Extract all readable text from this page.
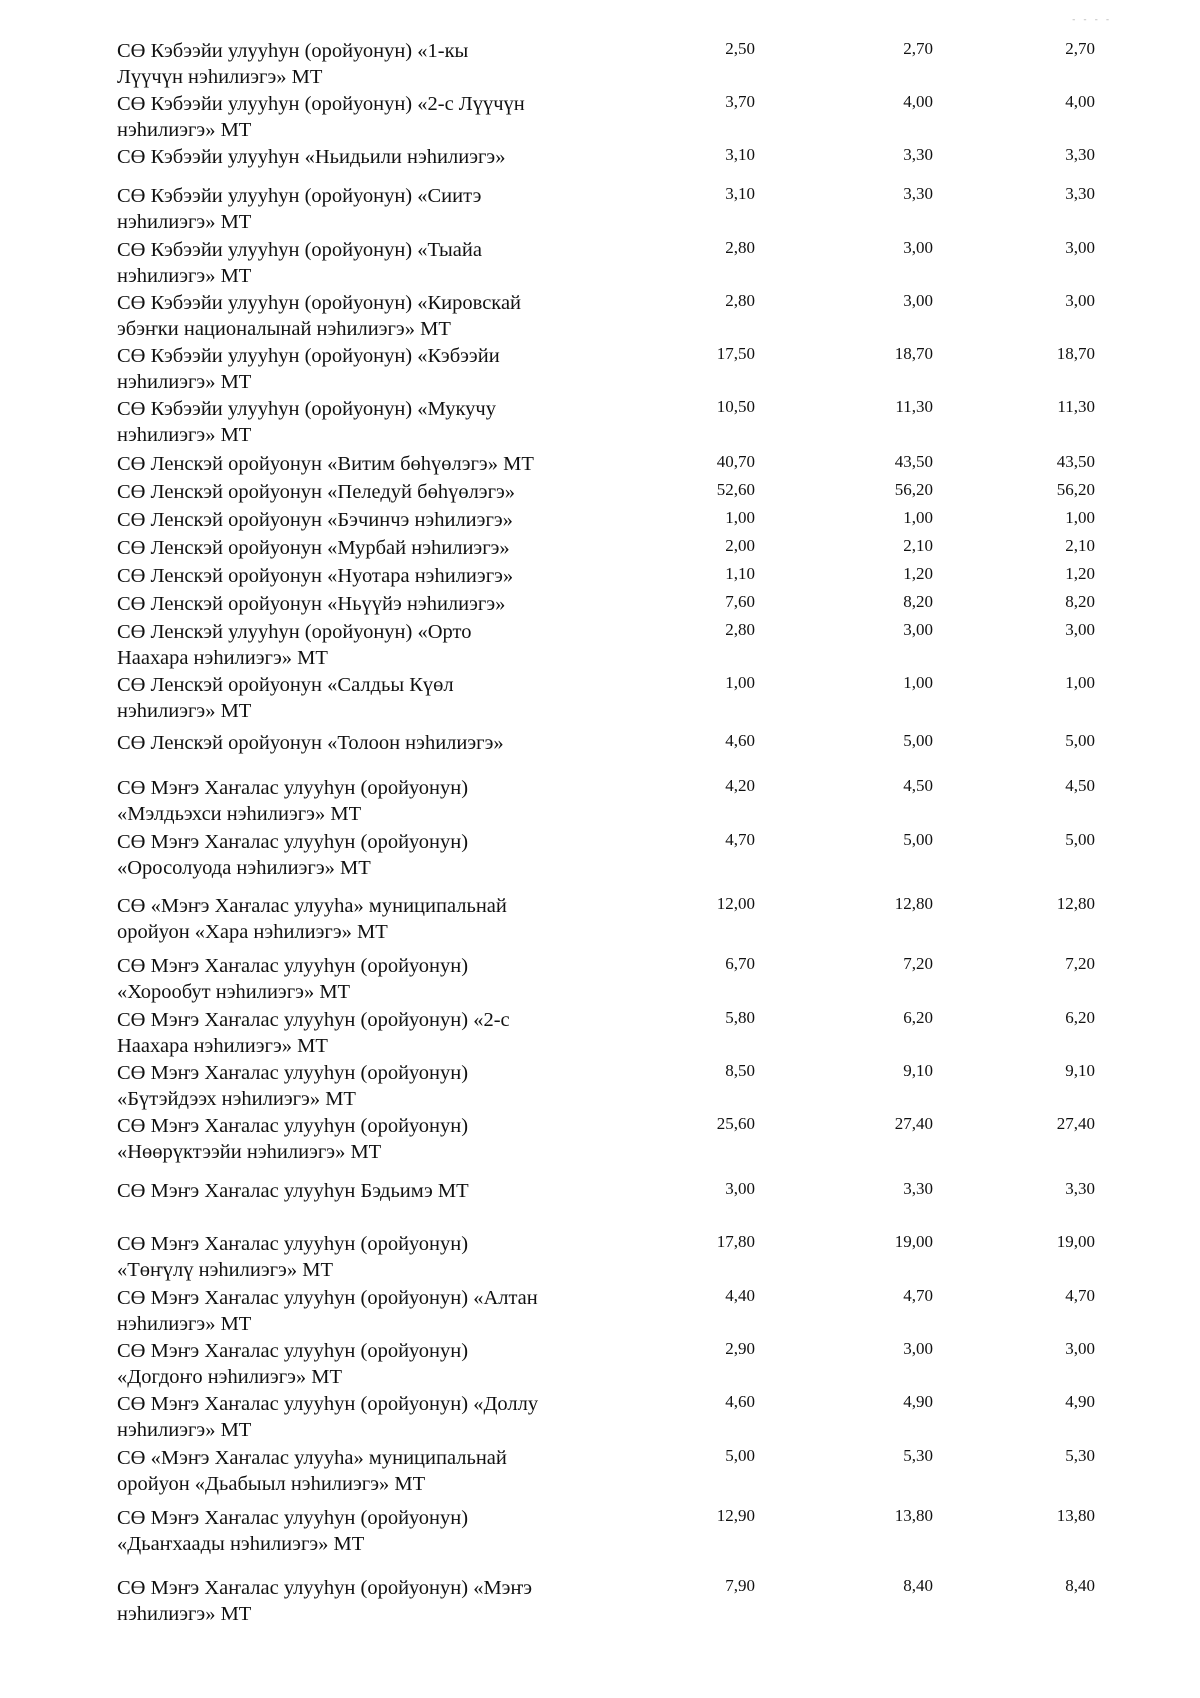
- - - -
СӨ Кэбээйи улууһун (оройуонун) «1-кы
Лүүчүн нэһилиэгэ» МТ
2,50	2,70	2,70
СӨ Кэбээйи улууһун (оройуонун) «2-с Лүүчүн
нэһилиэгэ» МТ
3,70	4,00	4,00
СӨ Кэбээйи улууһун «Ньидьили нэһилиэгэ»	3,10	3,30	3,30
СӨ Кэбээйи улууһун (оройуонун) «Сиитэ
нэһилиэгэ» МТ
3,10	3,30	3,30
СӨ Кэбээйи улууһун (оройуонун) «Тыайа
нэһилиэгэ» МТ
2,80	3,00	3,00
СӨ Кэбээйи улууһун (оройуонун) «Кировскай
эбэҥки националынай нэһилиэгэ» МТ
2,80	3,00	3,00
СӨ Кэбээйи улууһун (оройуонун) «Кэбээйи
нэһилиэгэ» МТ
17,50	18,70	18,70
СӨ Кэбээйи улууһун (оройуонун) «Мукучу
нэһилиэгэ» МТ
10,50	11,30	11,30
СӨ Ленскэй оройуонун «Витим бөһүөлэгэ» МТ	40,70	43,50	43,50
СӨ Ленскэй оройуонун «Пеледуй бөһүөлэгэ»	52,60	56,20	56,20
СӨ Ленскэй оройуонун «Бэчинчэ нэһилиэгэ»	1,00	1,00	1,00
СӨ Ленскэй оройуонун «Мурбай нэһилиэгэ»	2,00	2,10	2,10
СӨ Ленскэй оройуонун «Нуотара нэһилиэгэ»	1,10	1,20	1,20
СӨ Ленскэй оройуонун «Ньүүйэ нэһилиэгэ»	7,60	8,20	8,20
СӨ Ленскэй улууһун (оройуонун) «Орто
Наахара нэһилиэгэ» МТ
2,80	3,00	3,00
СӨ Ленскэй оройуонун «Салдьы Күөл
нэһилиэгэ» МТ
1,00	1,00	1,00
СӨ Ленскэй оройуонун «Толоон нэһилиэгэ»	4,60	5,00	5,00
СӨ Мэҥэ Хаҥалас улууһун (оройуонун)
«Мэлдьэхси нэһилиэгэ» МТ
4,20	4,50	4,50
СӨ Мэҥэ Хаҥалас улууһун (оройуонун)
«Оросолуода нэһилиэгэ» МТ
4,70	5,00	5,00
СӨ «Мэҥэ Хаҥалас улууһа» муниципальнай
оройуон «Хара нэһилиэгэ» МТ
12,00	12,80	12,80
СӨ Мэҥэ Хаҥалас улууһун (оройуонун)
«Хорообут нэһилиэгэ» МТ
6,70	7,20	7,20
СӨ Мэҥэ Хаҥалас улууһун (оройуонун) «2-с
Наахара нэһилиэгэ» МТ
5,80	6,20	6,20
СӨ Мэҥэ Хаҥалас улууһун (оройуонун)
«Бүтэйдээх нэһилиэгэ» МТ
8,50	9,10	9,10
СӨ Мэҥэ Хаҥалас улууһун (оройуонун)
«Нөөрүктээйи нэһилиэгэ» МТ
25,60	27,40	27,40
СӨ Мэҥэ Хаҥалас улууһун Бэдьимэ МТ	3,00	3,30	3,30
СӨ Мэҥэ Хаҥалас улууһун (оройуонун)
«Төҥүлү нэһилиэгэ» МТ
17,80	19,00	19,00
СӨ Мэҥэ Хаҥалас улууһун (оройуонун) «Алтан
нэһилиэгэ» МТ
4,40	4,70	4,70
СӨ Мэҥэ Хаҥалас улууһун (оройуонун)
«Догдоҥо нэһилиэгэ» МТ
2,90	3,00	3,00
СӨ Мэҥэ Хаҥалас улууһун (оройуонун) «Доллу
нэһилиэгэ» МТ
4,60	4,90	4,90
СӨ «Мэҥэ Хаҥалас улууһа» муниципальнай
оройуон «Дьабыыл нэһилиэгэ» МТ
5,00	5,30	5,30
СӨ Мэҥэ Хаҥалас улууһун (оройуонун)
«Дьаҥхаады нэһилиэгэ» МТ
12,90	13,80	13,80
СӨ Мэҥэ Хаҥалас улууһун (оройуонун) «Мэҥэ
нэһилиэгэ» МТ
7,90	8,40	8,40
